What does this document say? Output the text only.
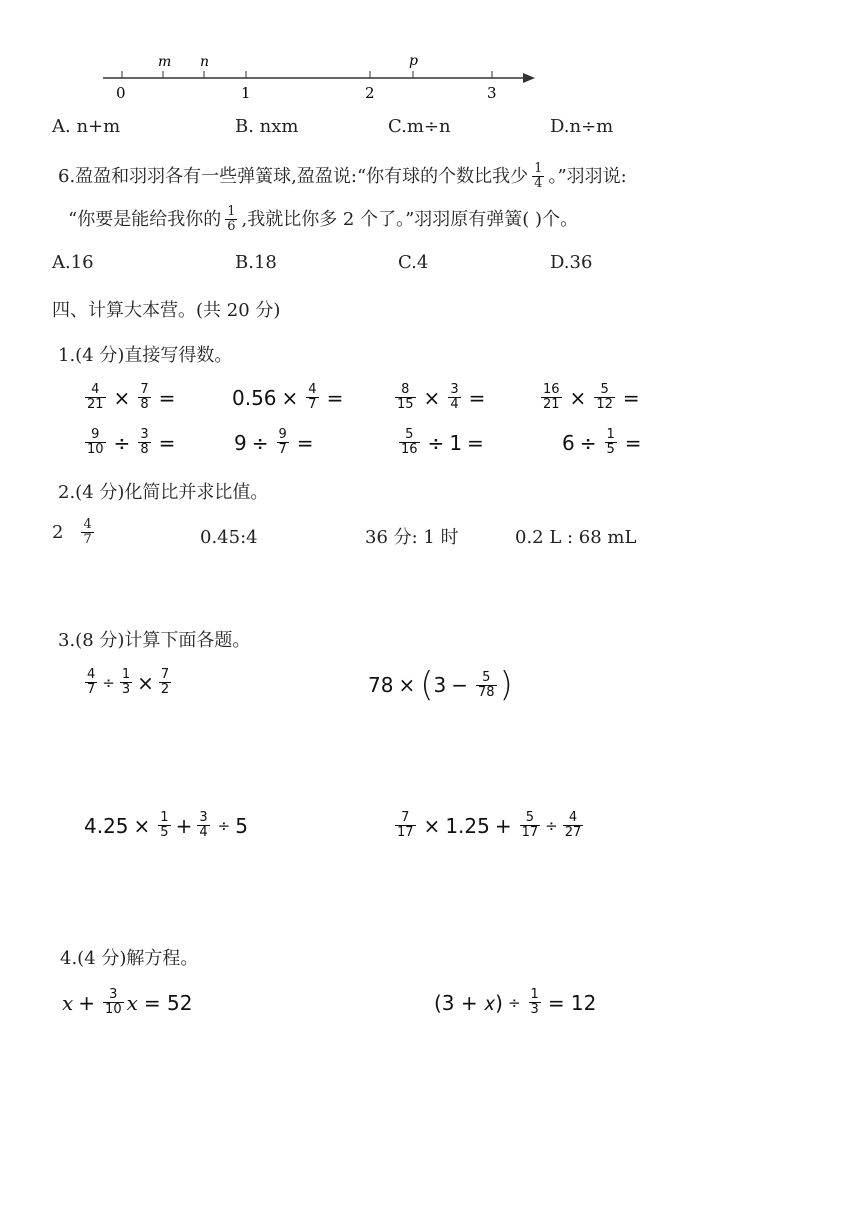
0	1	2	3
m n	p
A. n+m	B. nxm	C.m÷n	D.n÷m
6.盈盈和羽羽各有一些弹簧球,盈盈说:“你有球的个数比我少 $\frac{1}{4}$ 。”羽羽说:
“你要是能给我你的 $\frac{1}{6}$ ,我就比你多 2 个了。”羽羽原有弹簧( )个。
A.16	B.18	C.4	D.36
四、计算大本营。(共 20 分)
1.(4 分)直接写得数。
$\frac{4}{21} \times \frac{7}{8}$ =	$0.56 \times \frac{4}{7}$ =	$\frac{8}{15} \times \frac{3}{4}$ =	$\frac{16}{21} \times \frac{5}{12}$ =
$\frac{9}{10} \div \frac{3}{8}$ =	$9 \div \frac{9}{7}$ =	$\frac{5}{16} \div 1$ =	$6 \div \frac{1}{5}$ =
2.(4 分)化简比并求比值。
$2 \frac{4}{7}$	0.45:4	36 分: 1 时	0.2 L : 68 mL
3.(8 分)计算下面各题。
$\frac{4}{7} \div \frac{1}{3} \times \frac{7}{2}$	78 × ( $3 - \frac{5}{78}$ )
$4.25 \times \frac{1}{5} + \frac{3}{4} \div 5$	$\frac{7}{17} \times 1.25 + \frac{5}{17} \div \frac{4}{27}$
4.(4 分)解方程。
𝑥 + $\frac{3}{10}$ 𝑥 = 52	(3 + 𝑥) ÷ $\frac{1}{3} = 12$
